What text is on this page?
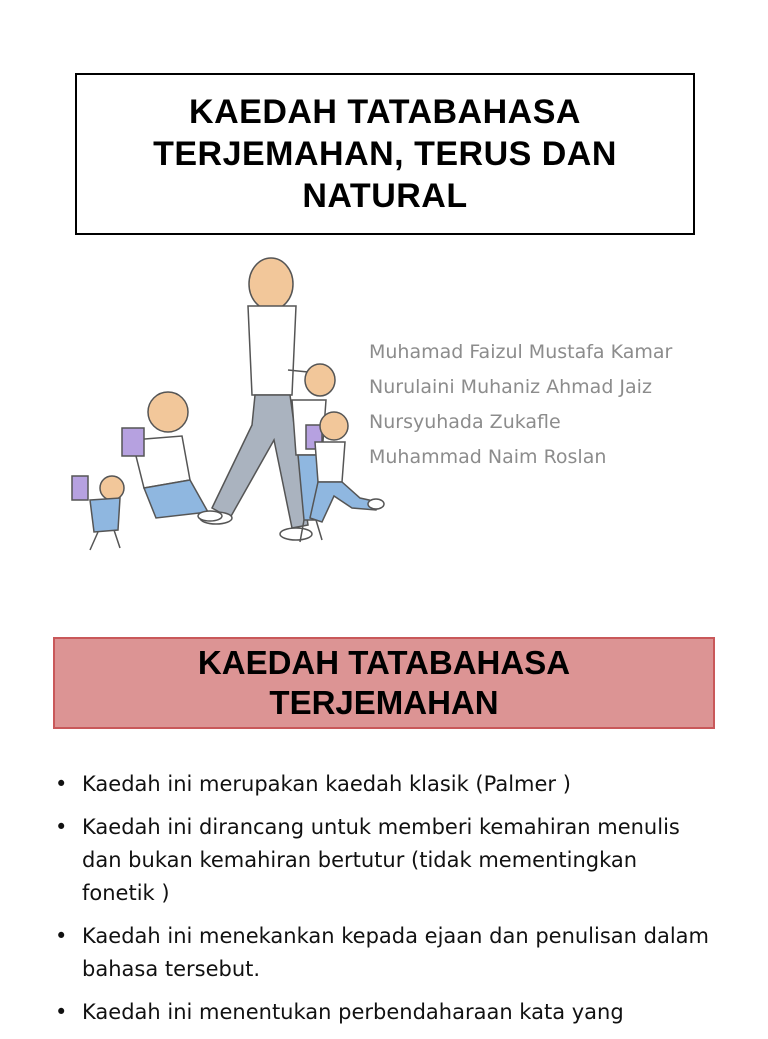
KAEDAH TATABAHASA TERJEMAHAN, TERUS DAN NATURAL
Muhamad Faizul Mustafa Kamar
Nurulaini Muhaniz Ahmad Jaiz
Nursyuhada Zukafle
Muhammad Naim Roslan
KAEDAH TATABAHASA TERJEMAHAN
• Kaedah ini merupakan kaedah klasik (Palmer )
• Kaedah ini dirancang untuk memberi kemahiran menulis dan bukan kemahiran bertutur (tidak mementingkan fonetik )
• Kaedah ini menekankan kepada ejaan dan penulisan dalam bahasa tersebut.
• Kaedah ini menentukan perbendaharaan kata yang
